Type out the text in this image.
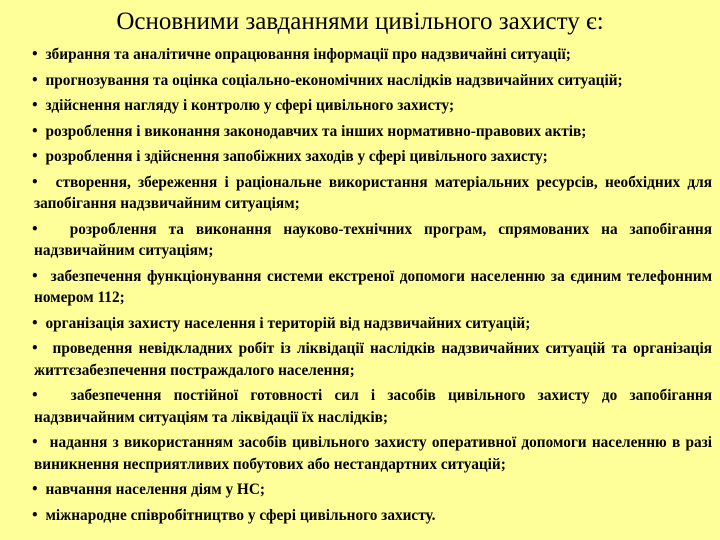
Основними завданнями цивільного захисту є:
• збирання та аналітичне опрацювання інформації про надзвичайні ситуації;
• прогнозування та оцінка соціально-економічних наслідків надзвичайних ситуацій;
• здійснення нагляду і контролю у сфері цивільного захисту;
• розроблення і виконання законодавчих та інших нормативно-правових актів;
• розроблення і здійснення запобіжних заходів у сфері цивільного захисту;
• створення, збереження і раціональне використання матеріальних ресурсів, необхідних для запобігання надзвичайним ситуаціям;
• розроблення та виконання науково-технічних програм, спрямованих на запобігання надзвичайним ситуаціям;
• забезпечення функціонування системи екстреної допомоги населенню за єдиним телефонним номером 112;
• організація захисту населення і територій від надзвичайних ситуацій;
• проведення невідкладних робіт із ліквідації наслідків надзвичайних ситуацій та організація життєзабезпечення постраждалого населення;
• забезпечення постійної готовності сил і засобів цивільного захисту до запобігання надзвичайним ситуаціям та ліквідації їх наслідків;
• надання з використанням засобів цивільного захисту оперативної допомоги населенню в разі виникнення несприятливих побутових або нестандартних ситуацій;
• навчання населення діям у НС;
• міжнародне співробітництво у сфері цивільного захисту.
